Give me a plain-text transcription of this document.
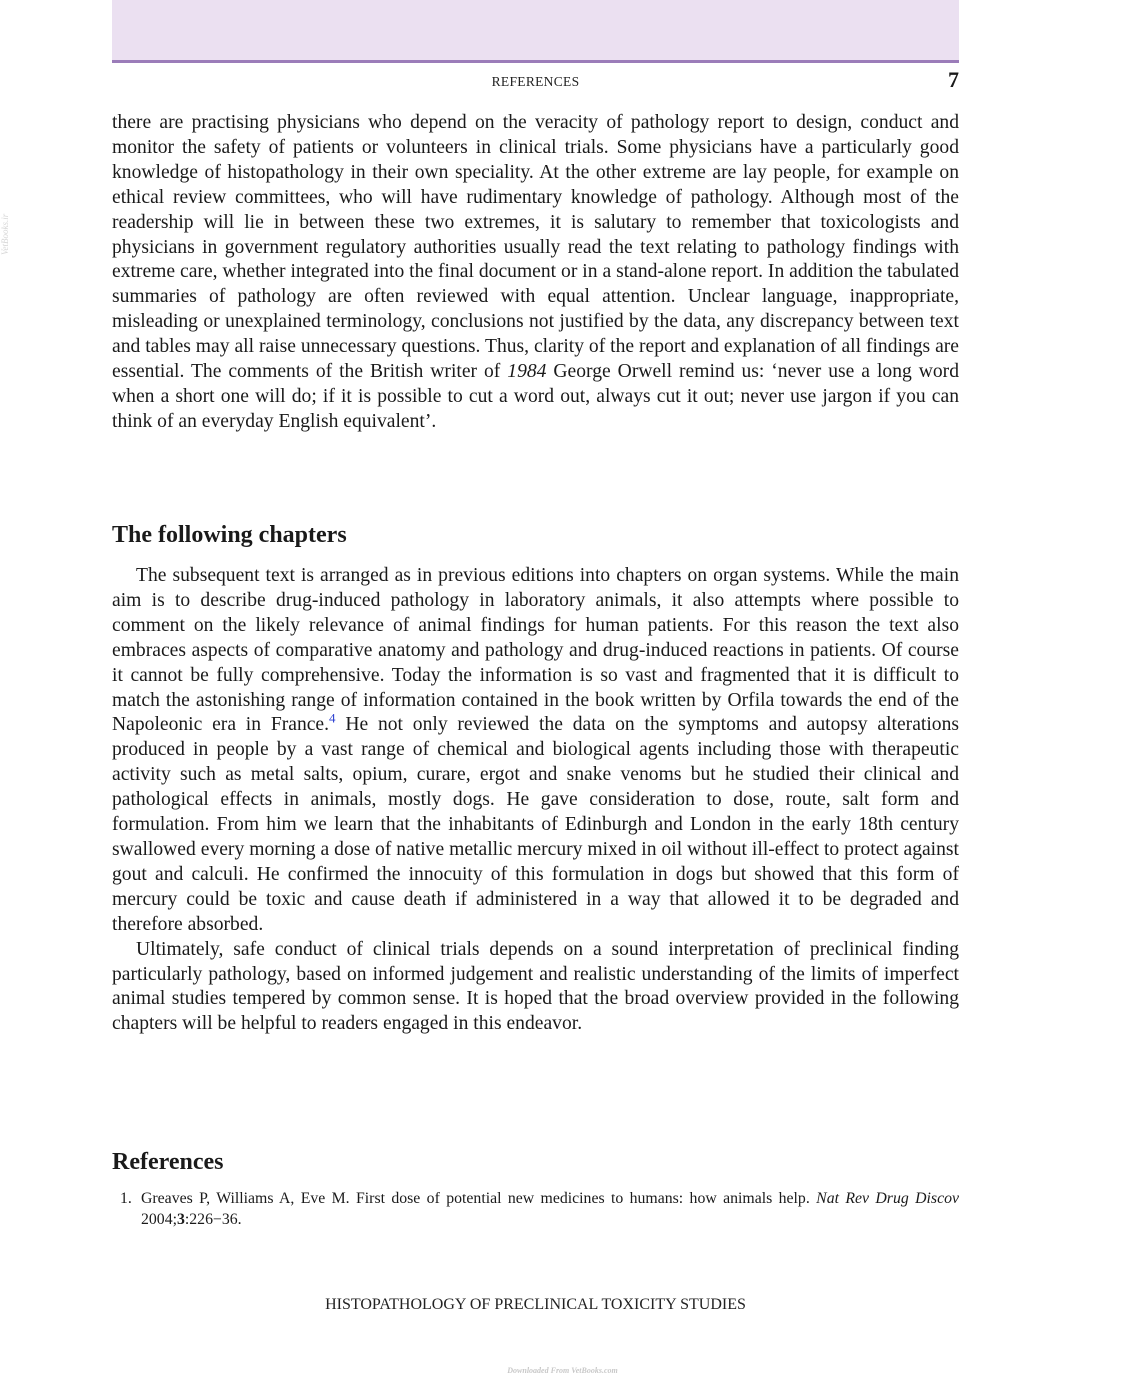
REFERENCES	7
VetBooks.ir

there are practising physicians who depend on the veracity of pathology report to design, conduct and monitor the safety of patients or volunteers in clinical trials. Some physicians have a particularly good knowledge of histopathology in their own speciality. At the other extreme are lay people, for example on ethical review committees, who will have rudimentary knowledge of pathology. Although most of the readership will lie in between these two extremes, it is salutary to remember that toxicologists and physicians in government regulatory authorities usually read the text relating to pathology findings with extreme care, whether integrated into the final document or in a stand-alone report. In addition the tabulated summaries of pathology are often reviewed with equal attention. Unclear language, inappropriate, misleading or unexplained terminology, conclusions not justified by the data, any discrepancy between text and tables may all raise unnecessary questions. Thus, clarity of the report and explanation of all findings are essential. The comments of the British writer of 1984 George Orwell remind us: ‘never use a long word when a short one will do; if it is possible to cut a word out, always cut it out; never use jargon if you can think of an everyday English equivalent’.

The following chapters

The subsequent text is arranged as in previous editions into chapters on organ systems. While the main aim is to describe drug-induced pathology in laboratory animals, it also attempts where possible to comment on the likely relevance of animal findings for human patients. For this reason the text also embraces aspects of comparative anatomy and pathology and drug-induced reactions in patients. Of course it cannot be fully comprehensive. Today the information is so vast and fragmented that it is difficult to match the astonishing range of information contained in the book written by Orfila towards the end of the Napoleonic era in France.$^4$ He not only reviewed the data on the symptoms and autopsy alterations produced in people by a vast range of chemical and biological agents including those with therapeutic activity such as metal salts, opium, curare, ergot and snake venoms but he studied their clinical and pathological effects in animals, mostly dogs. He gave consideration to dose, route, salt form and formulation. From him we learn that the inhabitants of Edinburgh and London in the early 18th century swallowed every morning a dose of native metallic mercury mixed in oil without ill-effect to protect against gout and calculi. He confirmed the innocuity of this formulation in dogs but showed that this form of mercury could be toxic and cause death if administered in a way that allowed it to be degraded and therefore absorbed.

Ultimately, safe conduct of clinical trials depends on a sound interpretation of preclinical finding particularly pathology, based on informed judgement and realistic understanding of the limits of imperfect animal studies tempered by common sense. It is hoped that the broad overview provided in the following chapters will be helpful to readers engaged in this endeavor.

References
1. Greaves P, Williams A, Eve M. First dose of potential new medicines to humans: how animals help. Nat Rev Drug Discov 2004;3:226−36.
HISTOPATHOLOGY OF PRECLINICAL TOXICITY STUDIES
Downloaded From VetBooks.com
